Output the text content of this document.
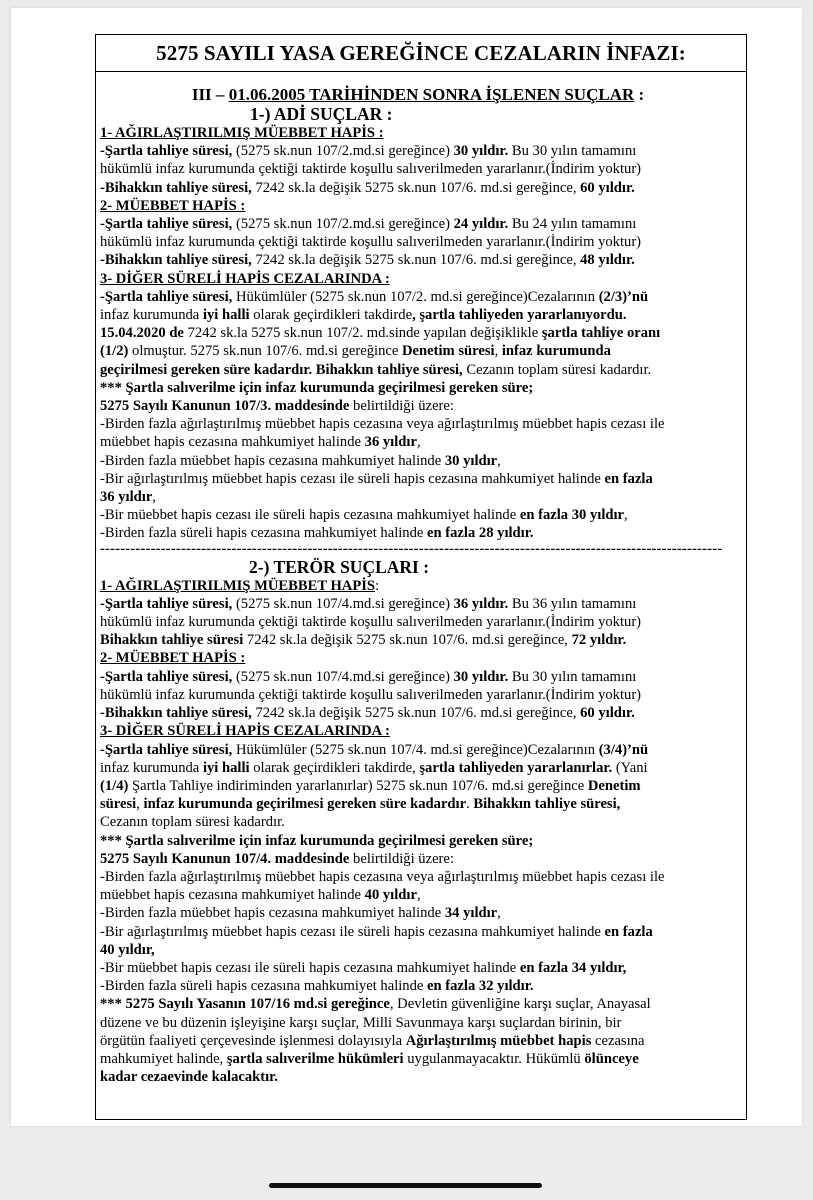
5275 SAYILI YASA GEREĞİNCE CEZALARIN İNFAZI:
III – 01.06.2005 TARİHİNDEN SONRA İŞLENEN SUÇLAR :
1-) ADİ SUÇLAR :
1- AĞIRLAŞTIRILMIŞ MÜEBBET HAPİS :
-Şartla tahliye süresi, (5275 sk.nun 107/2.md.si gereğince) 30 yıldır. Bu 30 yılın tamamını
hükümlü infaz kurumunda çektiği taktirde koşullu salıverilmeden yararlanır.(İndirim yoktur)
-Bihakkın tahliye süresi, 7242 sk.la değişik 5275 sk.nun 107/6. md.si gereğince, 60 yıldır.
2- MÜEBBET HAPİS :
-Şartla tahliye süresi, (5275 sk.nun 107/2.md.si gereğince) 24 yıldır. Bu 24 yılın tamamını
hükümlü infaz kurumunda çektiği taktirde koşullu salıverilmeden yararlanır.(İndirim yoktur)
-Bihakkın tahliye süresi, 7242 sk.la değişik 5275 sk.nun 107/6. md.si gereğince, 48 yıldır.
3- DİĞER SÜRELİ HAPİS CEZALARINDA :
-Şartla tahliye süresi, Hükümlüler (5275 sk.nun 107/2. md.si gereğince)Cezalarının (2/3)’nü
infaz kurumunda iyi halli olarak geçirdikleri takdirde, şartla tahliyeden yararlanıyordu.
15.04.2020 de 7242 sk.la 5275 sk.nun 107/2. md.sinde yapılan değişiklikle şartla tahliye oranı
(1/2) olmuştur. 5275 sk.nun 107/6. md.si gereğince Denetim süresi, infaz kurumunda
geçirilmesi gereken süre kadardır. Bihakkın tahliye süresi, Cezanın toplam süresi kadardır.
*** Şartla salıverilme için infaz kurumunda geçirilmesi gereken süre;
5275 Sayılı Kanunun 107/3. maddesinde belirtildiği üzere:
-Birden fazla ağırlaştırılmış müebbet hapis cezasına veya ağırlaştırılmış müebbet hapis cezası ile
müebbet hapis cezasına mahkumiyet halinde 36 yıldır,
-Birden fazla müebbet hapis cezasına mahkumiyet halinde 30 yıldır,
-Bir ağırlaştırılmış müebbet hapis cezası ile süreli hapis cezasına mahkumiyet halinde en fazla
36 yıldır,
-Bir müebbet hapis cezası ile süreli hapis cezasına mahkumiyet halinde en fazla 30 yıldır,
-Birden fazla süreli hapis cezasına mahkumiyet halinde en fazla 28 yıldır.
---------------------------------------------------------------------------------------------------------------------------
2-) TERÖR SUÇLARI :
1- AĞIRLAŞTIRILMIŞ MÜEBBET HAPİS:
-Şartla tahliye süresi, (5275 sk.nun 107/4.md.si gereğince) 36 yıldır. Bu 36 yılın tamamını
hükümlü infaz kurumunda çektiği taktirde koşullu salıverilmeden yararlanır.(İndirim yoktur)
Bihakkın tahliye süresi 7242 sk.la değişik 5275 sk.nun 107/6. md.si gereğince, 72 yıldır.
2- MÜEBBET HAPİS :
-Şartla tahliye süresi, (5275 sk.nun 107/4.md.si gereğince) 30 yıldır. Bu 30 yılın tamamını
hükümlü infaz kurumunda çektiği taktirde koşullu salıverilmeden yararlanır.(İndirim yoktur)
-Bihakkın tahliye süresi, 7242 sk.la değişik 5275 sk.nun 107/6. md.si gereğince, 60 yıldır.
3- DİĞER SÜRELİ HAPİS CEZALARINDA :
-Şartla tahliye süresi, Hükümlüler (5275 sk.nun 107/4. md.si gereğince)Cezalarının (3/4)’nü
infaz kurumunda iyi halli olarak geçirdikleri takdirde, şartla tahliyeden yararlanırlar. (Yani
(1/4) Şartla Tahliye indiriminden yararlanırlar) 5275 sk.nun 107/6. md.si gereğince Denetim
süresi, infaz kurumunda geçirilmesi gereken süre kadardır. Bihakkın tahliye süresi,
Cezanın toplam süresi kadardır.
*** Şartla salıverilme için infaz kurumunda geçirilmesi gereken süre;
5275 Sayılı Kanunun 107/4. maddesinde belirtildiği üzere:
-Birden fazla ağırlaştırılmış müebbet hapis cezasına veya ağırlaştırılmış müebbet hapis cezası ile
müebbet hapis cezasına mahkumiyet halinde 40 yıldır,
-Birden fazla müebbet hapis cezasına mahkumiyet halinde 34 yıldır,
-Bir ağırlaştırılmış müebbet hapis cezası ile süreli hapis cezasına mahkumiyet halinde en fazla
40 yıldır,
-Bir müebbet hapis cezası ile süreli hapis cezasına mahkumiyet halinde en fazla 34 yıldır,
-Birden fazla süreli hapis cezasına mahkumiyet halinde en fazla 32 yıldır.
*** 5275 Sayılı Yasanın 107/16 md.si gereğince, Devletin güvenliğine karşı suçlar, Anayasal
düzene ve bu düzenin işleyişine karşı suçlar, Milli Savunmaya karşı suçlardan birinin, bir
örgütün faaliyeti çerçevesinde işlenmesi dolayısıyla Ağırlaştırılmış müebbet hapis cezasına
mahkumiyet halinde, şartla salıverilme hükümleri uygulanmayacaktır. Hükümlü ölünceye
kadar cezaevinde kalacaktır.
